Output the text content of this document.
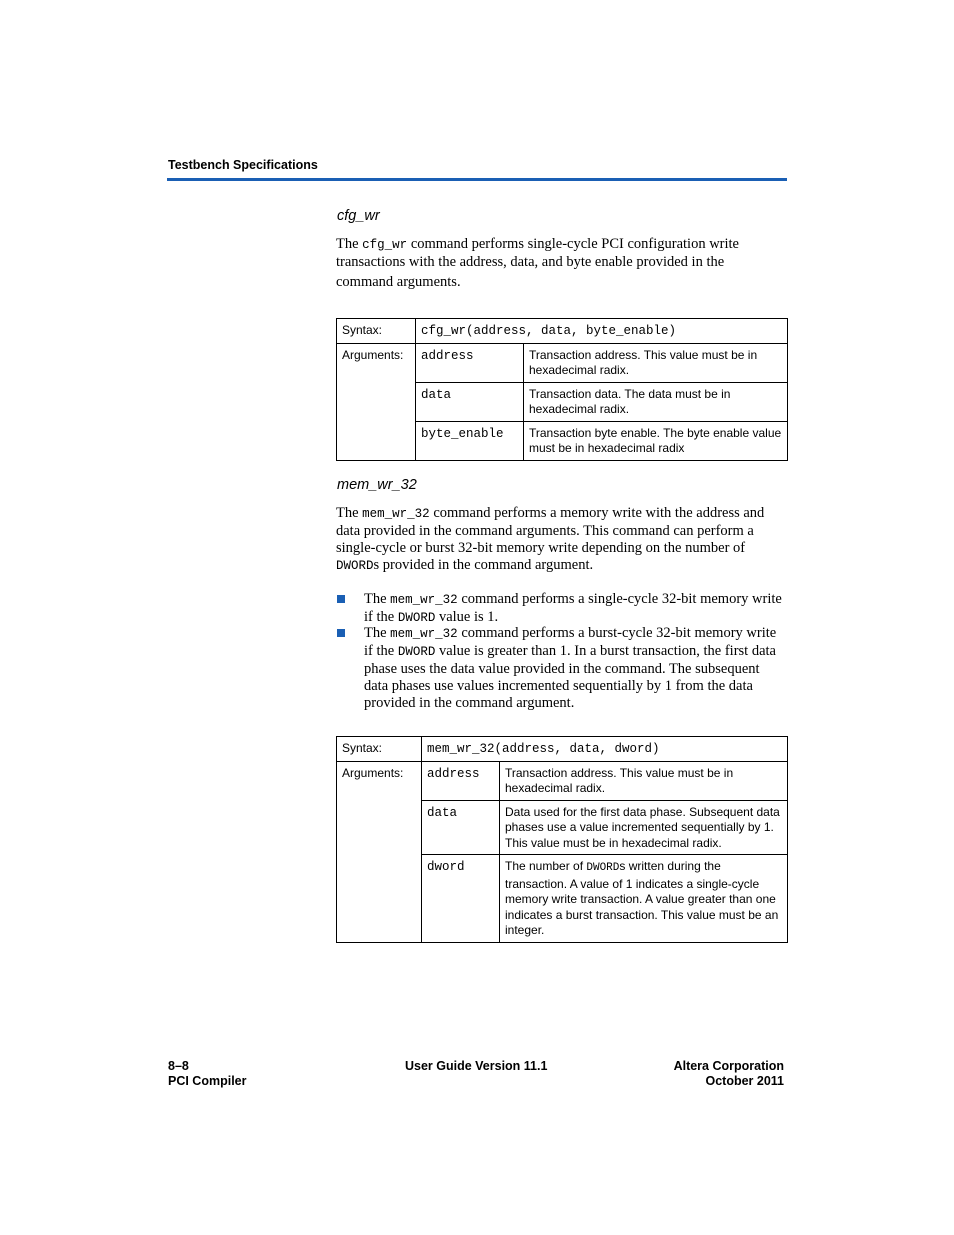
Testbench Specifications
cfg_wr
The cfg_wr command performs single-cycle PCI configuration write
transactions with the address, data, and byte enable provided in the
command arguments.
Syntax:	cfg_wr(address, data, byte_enable)	
Arguments:	address	Transaction address. This value must be in hexadecimal radix.
	data	Transaction data. The data must be in hexadecimal radix.
	byte_enable	Transaction byte enable. The byte enable value must be in hexadecimal radix
mem_wr_32
The mem_wr_32 command performs a memory write with the address and data provided in the command arguments. This command can perform a single-cycle or burst 32-bit memory write depending on the number of DWORDs provided in the command argument.
The mem_wr_32 command performs a single-cycle 32-bit memory write if the DWORD value is 1.
The mem_wr_32 command performs a burst-cycle 32-bit memory write if the DWORD value is greater than 1. In a burst transaction, the first data phase uses the data value provided in the command. The subsequent data phases use values incremented sequentially by 1 from the data provided in the command argument.
Syntax:	mem_wr_32(address, data, dword)	
Arguments:	address	Transaction address. This value must be in hexadecimal radix.
	data	Data used for the first data phase. Subsequent data phases use a value incremented sequentially by 1. This value must be in hexadecimal radix.
	dword	The number of DWORDs written during the transaction. A value of 1 indicates a single-cycle memory write transaction. A value greater than one indicates a burst transaction. This value must be an integer.
8–8
PCI Compiler
User Guide Version 11.1	Altera Corporation
October 2011
